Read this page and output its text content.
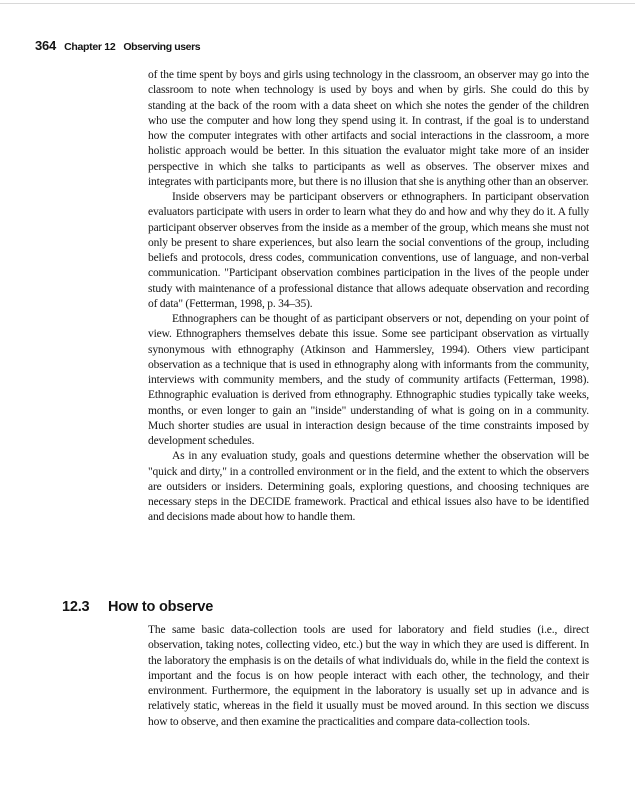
364 Chapter 12 Observing users

of the time spent by boys and girls using technology in the classroom, an observer may go into the classroom to note when technology is used by boys and when by girls. She could do this by standing at the back of the room with a data sheet on which she notes the gender of the children who use the computer and how long they spend using it. In contrast, if the goal is to understand how the computer integrates with other artifacts and social interactions in the classroom, a more holistic approach would be better. In this situation the evaluator might take more of an insider perspective in which she talks to participants as well as observes. The observer mixes and integrates with participants more, but there is no illusion that she is anything other than an observer.

Inside observers may be participant observers or ethnographers. In participant observation evaluators participate with users in order to learn what they do and how and why they do it. A fully participant observer observes from the inside as a member of the group, which means she must not only be present to share experiences, but also learn the social conventions of the group, including beliefs and protocols, dress codes, communication conventions, use of language, and non-verbal communication. "Participant observation combines participation in the lives of the people under study with maintenance of a professional distance that allows adequate observation and recording of data" (Fetterman, 1998, p. 34–35).

Ethnographers can be thought of as participant observers or not, depending on your point of view. Ethnographers themselves debate this issue. Some see participant observation as virtually synonymous with ethnography (Atkinson and Hammersley, 1994). Others view participant observation as a technique that is used in ethnography along with informants from the community, interviews with community members, and the study of community artifacts (Fetterman, 1998). Ethnographic evaluation is derived from ethnography. Ethnographic studies typically take weeks, months, or even longer to gain an "inside" understanding of what is going on in a community. Much shorter studies are usual in interaction design because of the time constraints imposed by development schedules.

As in any evaluation study, goals and questions determine whether the observation will be "quick and dirty," in a controlled environment or in the field, and the extent to which the observers are outsiders or insiders. Determining goals, exploring questions, and choosing techniques are necessary steps in the DECIDE framework. Practical and ethical issues also have to be identified and decisions made about how to handle them.

12.3 How to observe

The same basic data-collection tools are used for laboratory and field studies (i.e., direct observation, taking notes, collecting video, etc.) but the way in which they are used is different. In the laboratory the emphasis is on the details of what individuals do, while in the field the context is important and the focus is on how people interact with each other, the technology, and their environment. Furthermore, the equipment in the laboratory is usually set up in advance and is relatively static, whereas in the field it usually must be moved around. In this section we discuss how to observe, and then examine the practicalities and compare data-collection tools.
